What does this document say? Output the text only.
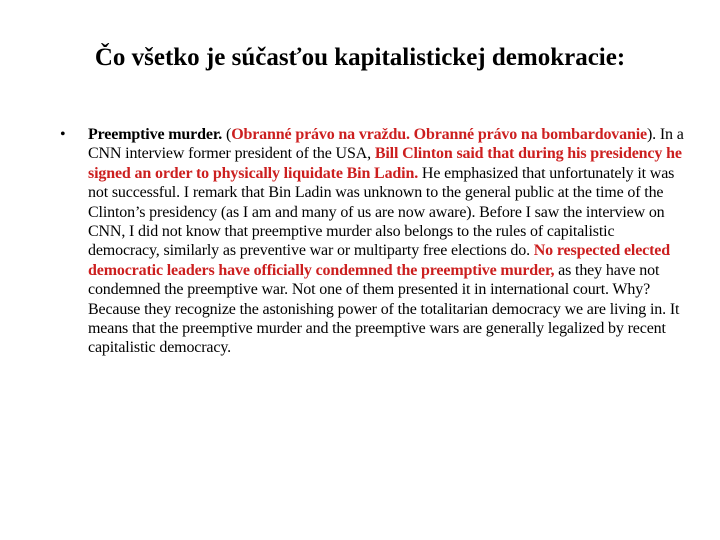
Čo všetko je súčasťou kapitalistickej demokracie:
• Preemptive murder. (Obranné právo na vraždu. Obranné právo na bombardovanie). In a CNN interview former president of the USA, Bill Clinton said that during his presidency he signed an order to physically liquidate Bin Ladin. He emphasized that unfortunately it was not successful. I remark that Bin Ladin was unknown to the general public at the time of the Clinton’s presidency (as I am and many of us are now aware). Before I saw the interview on CNN, I did not know that preemptive murder also belongs to the rules of capitalistic democracy, similarly as preventive war or multiparty free elections do. No respected elected democratic leaders have officially condemned the preemptive murder, as they have not condemned the preemptive war. Not one of them presented it in international court. Why? Because they recognize the astonishing power of the totalitarian democracy we are living in. It means that the preemptive murder and the preemptive wars are generally legalized by recent capitalistic democracy.
